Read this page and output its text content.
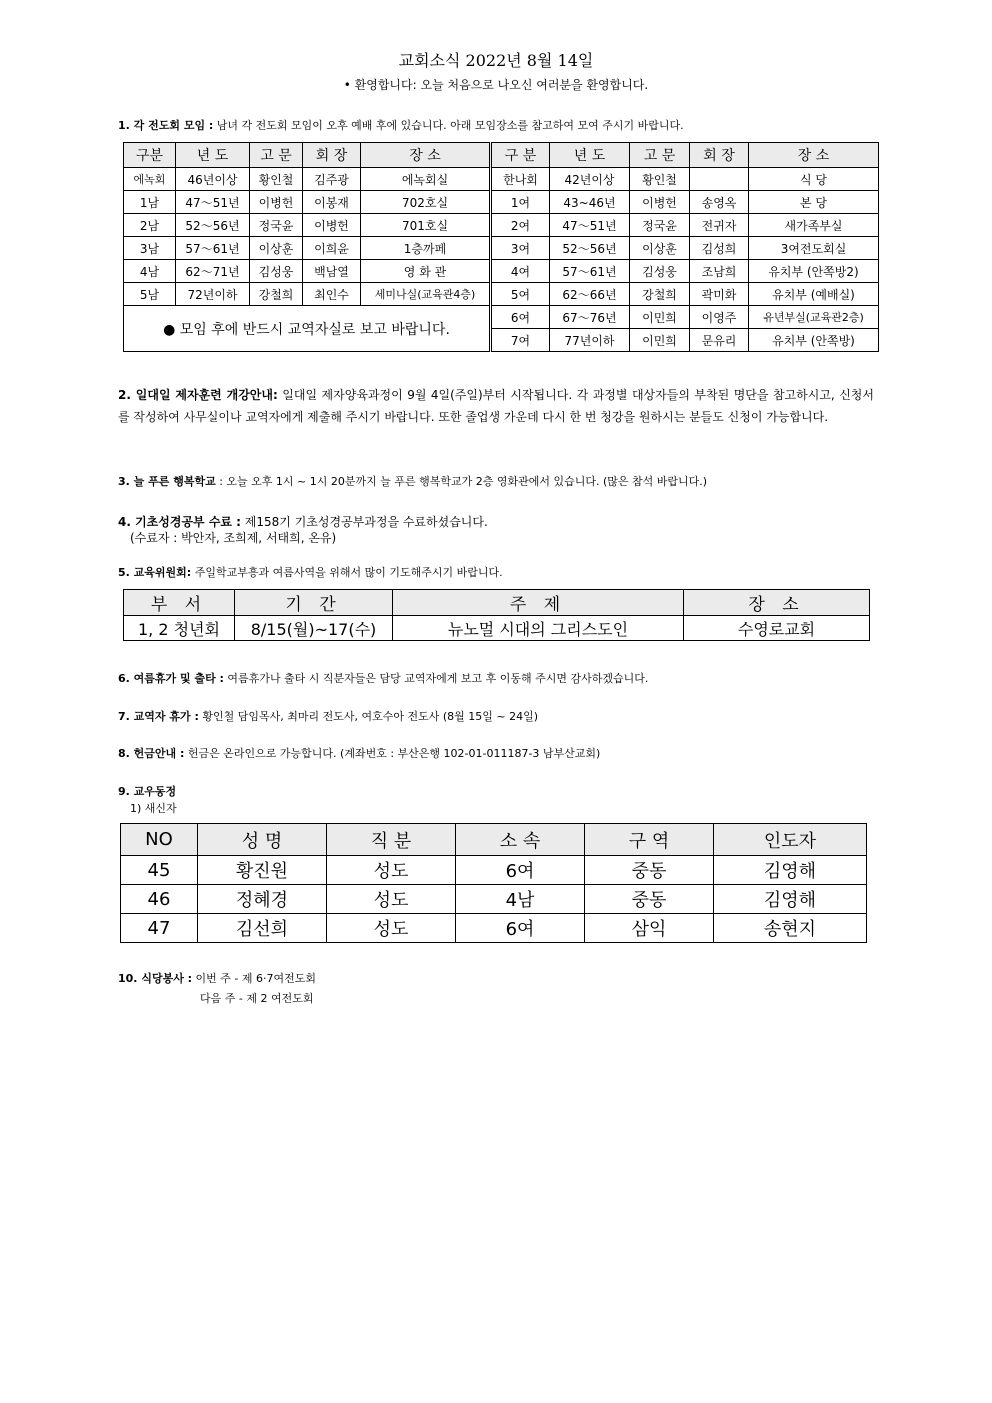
교회소식 2022년 8월 14일
• 환영합니다: 오늘 처음으로 나오신 여러분을 환영합니다.
1. 각 전도회 모임 : 남녀 각 전도회 모임이 오후 예배 후에 있습니다. 아래 모임장소를 참고하여 모여 주시기 바랍니다.
구분	년 도	고 문	회 장	장 소	구 분	년 도	고 문	회 장	장 소
에녹회	46년이상	황인철	김주광	에녹회실	한나회	42년이상	황인철		식 당
1남	47～51년	이병헌	이봉재	702호실	1여	43~46년	이병헌	송영옥	본 당
2남	52～56년	정국윤	이병헌	701호실	2여	47～51년	정국윤	전귀자	새가족부실
3남	57～61년	이상훈	이희윤	1층까페	3여	52～56년	이상훈	김성희	3여전도회실
4남	62～71년	김성웅	백남열	영 화 관	4여	57～61년	김성웅	조남희	유치부 (안쪽방2)
5남	72년이하	강철희	최인수	세미나실(교육관4층)	5여	62～66년	강철희	곽미화	유치부 (예배실)
● 모임 후에 반드시 교역자실로 보고 바랍니다.					6여	67～76년	이민희	이영주	유년부실(교육관2층)
					7여	77년이하	이민희	문유리	유치부 (안쪽방)
2. 일대일 제자훈련 개강안내: 일대일 제자양육과정이 9월 4일(주일)부터 시작됩니다. 각 과정별 대상자들의 부착된 명단을 참고하시고, 신청서를 작성하여 사무실이나 교역자에게 제출해 주시기 바랍니다. 또한 졸업생 가운데 다시 한 번 청강을 원하시는 분들도 신청이 가능합니다.
3. 늘 푸른 행복학교 : 오늘 오후 1시 ~ 1시 20분까지 늘 푸른 행복학교가 2층 영화관에서 있습니다. (많은 참석 바랍니다.)
4. 기초성경공부 수료 : 제158기 기초성경공부과정을 수료하셨습니다.
(수료자 : 박안자, 조희제, 서태희, 온유)
5. 교육위원회: 주일학교부흥과 여름사역을 위해서 많이 기도해주시기 바랍니다.
부 서	기 간	주 제	장 소
1, 2 청년회	8/15(월)~17(수)	뉴노멀 시대의 그리스도인	수영로교회
6. 여름휴가 및 출타 : 여름휴가나 출타 시 직분자들은 담당 교역자에게 보고 후 이동해 주시면 감사하겠습니다.
7. 교역자 휴가 : 황인철 담임목사, 최마리 전도사, 여호수아 전도사 (8월 15일 ~ 24일)
8. 헌금안내 : 헌금은 온라인으로 가능합니다. (계좌번호 : 부산은행 102-01-011187-3 남부산교회)
9. 교우동정
1) 새신자
NO	성 명	직 분	소 속	구 역	인도자
45	황진원	성도	6여	중동	김영해
46	정혜경	성도	4남	중동	김영해
47	김선희	성도	6여	삼익	송현지
10. 식당봉사 : 이번 주 - 제 6·7여전도회
다음 주 - 제 2 여전도회
